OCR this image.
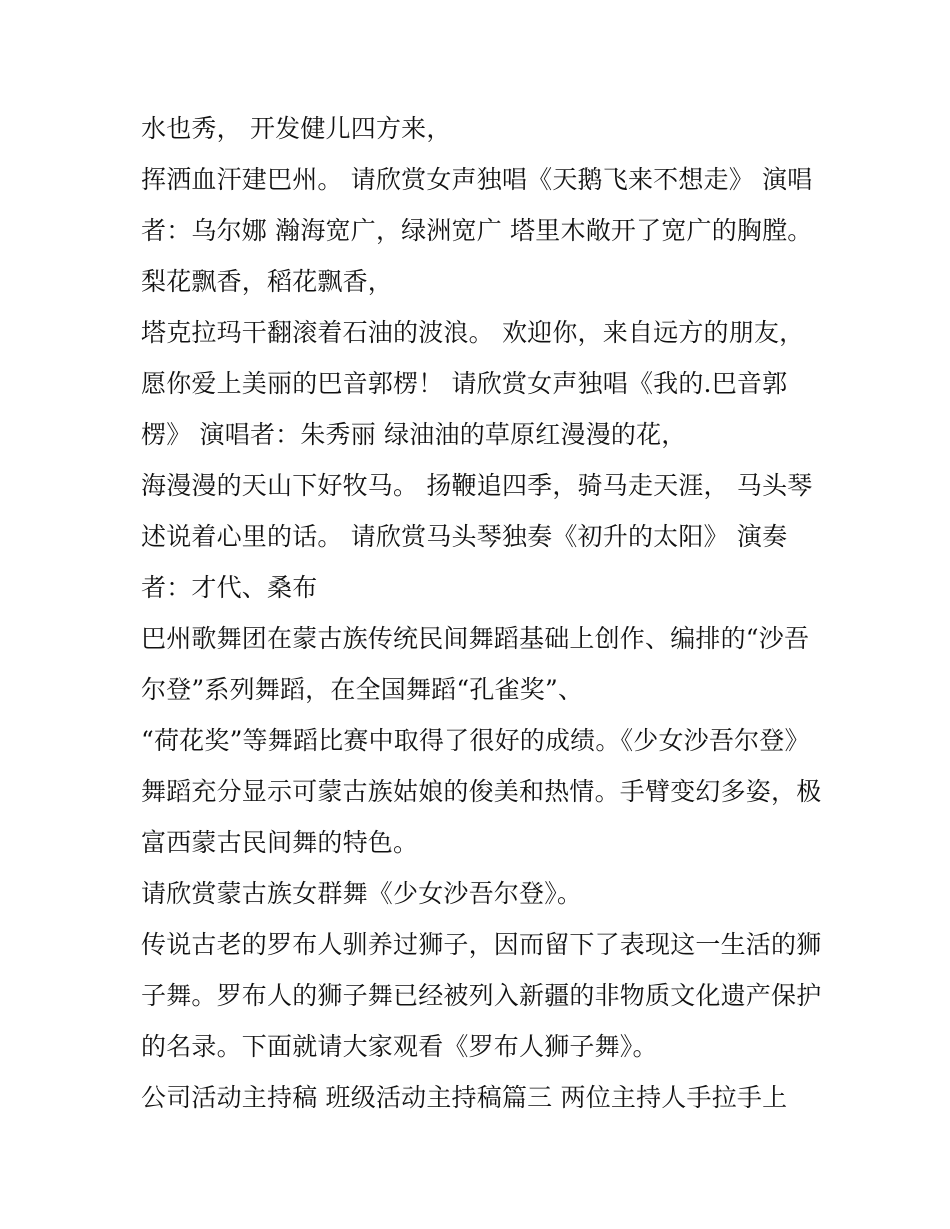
水也秀， 开发健儿四方来，
挥洒血汗建巴州。 请欣赏女声独唱《天鹅飞来不想走》 演唱
者：乌尔娜 瀚海宽广，绿洲宽广 塔里木敞开了宽广的胸膛。
梨花飘香，稻花飘香，
塔克拉玛干翻滚着石油的波浪。 欢迎你，来自远方的朋友，
愿你爱上美丽的巴音郭楞！ 请欣赏女声独唱《我的.巴音郭
楞》 演唱者：朱秀丽 绿油油的草原红漫漫的花，
海漫漫的天山下好牧马。 扬鞭追四季，骑马走天涯， 马头琴
述说着心里的话。 请欣赏马头琴独奏《初升的太阳》 演奏
者：才代、桑布
巴州歌舞团在蒙古族传统民间舞蹈基础上创作、编排的“沙吾
尔登”系列舞蹈，在全国舞蹈“孔雀奖”、
“荷花奖”等舞蹈比赛中取得了很好的成绩。《少女沙吾尔登》
舞蹈充分显示可蒙古族姑娘的俊美和热情。手臂变幻多姿，极
富西蒙古民间舞的特色。
请欣赏蒙古族女群舞《少女沙吾尔登》。
传说古老的罗布人驯养过狮子，因而留下了表现这一生活的狮
子舞。罗布人的狮子舞已经被列入新疆的非物质文化遗产保护
的名录。下面就请大家观看《罗布人狮子舞》。
公司活动主持稿 班级活动主持稿篇三 两位主持人手拉手上
